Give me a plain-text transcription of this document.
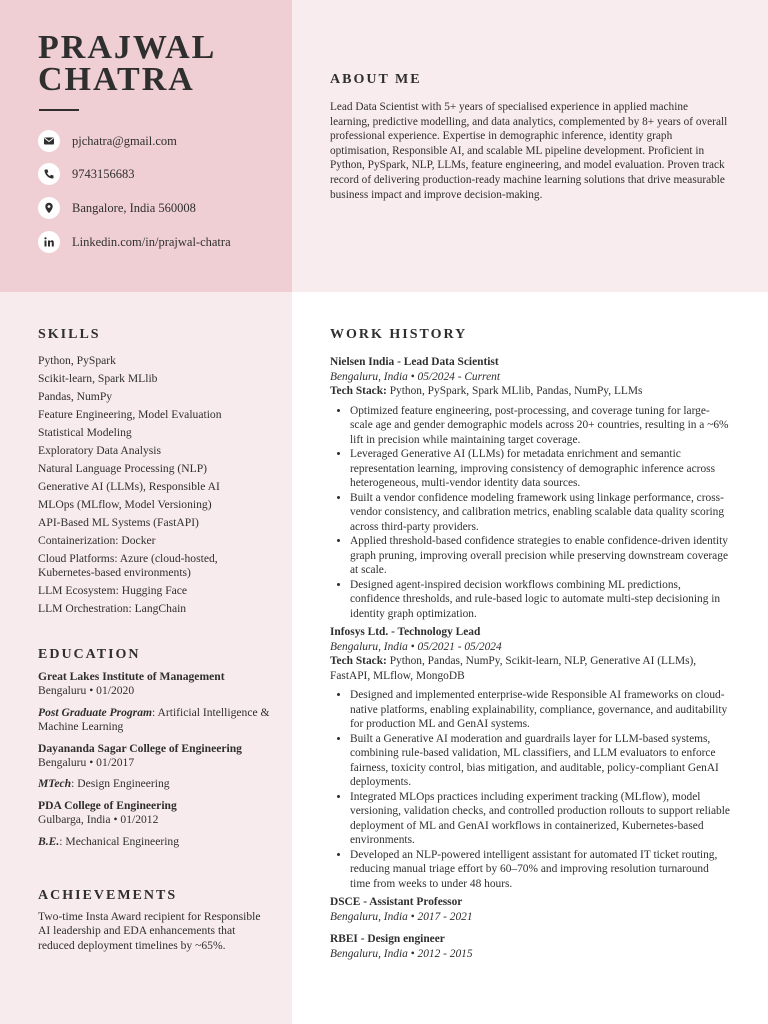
PRAJWAL
CHATRA
pjchatra@gmail.com
9743156683
Bangalore, India 560008
Linkedin.com/in/prajwal-chatra
ABOUT ME
Lead Data Scientist with 5+ years of specialised experience in applied machine learning, predictive modelling, and data analytics, complemented by 8+ years of overall professional experience. Expertise in demographic inference, identity graph optimisation, Responsible AI, and scalable ML pipeline development. Proficient in Python, PySpark, NLP, LLMs, feature engineering, and model evaluation. Proven track record of delivering production-ready machine learning solutions that drive measurable business impact and improve decision-making.
SKILLS
Python, PySpark
Scikit-learn, Spark MLlib
Pandas, NumPy
Feature Engineering, Model Evaluation
Statistical Modeling
Exploratory Data Analysis
Natural Language Processing (NLP)
Generative AI (LLMs), Responsible AI
MLOps (MLflow, Model Versioning)
API-Based ML Systems (FastAPI)
Containerization: Docker
Cloud Platforms: Azure (cloud-hosted, Kubernetes-based environments)
LLM Ecosystem: Hugging Face
LLM Orchestration: LangChain
EDUCATION
Great Lakes Institute of Management
Bengaluru • 01/2020
Post Graduate Program: Artificial Intelligence & Machine Learning
Dayananda Sagar College of Engineering
Bengaluru • 01/2017
MTech: Design Engineering
PDA College of Engineering
Gulbarga, India • 01/2012
B.E.: Mechanical Engineering
ACHIEVEMENTS
Two-time Insta Award recipient for Responsible AI leadership and EDA enhancements that reduced deployment timelines by ~65%.
WORK HISTORY
Nielsen India - Lead Data Scientist
Bengaluru, India • 05/2024 - Current
Tech Stack: Python, PySpark, Spark MLlib, Pandas, NumPy, LLMs
• Optimized feature engineering, post-processing, and coverage tuning for large-scale age and gender demographic models across 20+ countries, resulting in a ~6% lift in precision while maintaining target coverage.
• Leveraged Generative AI (LLMs) for metadata enrichment and semantic representation learning, improving consistency of demographic inference across heterogeneous, multi-vendor identity data sources.
• Built a vendor confidence modeling framework using linkage performance, cross-vendor consistency, and calibration metrics, enabling scalable data quality scoring across third-party providers.
• Applied threshold-based confidence strategies to enable confidence-driven identity graph pruning, improving overall precision while preserving downstream coverage at scale.
• Designed agent-inspired decision workflows combining ML predictions, confidence thresholds, and rule-based logic to automate multi-step decisioning in identity graph optimization.
Infosys Ltd. - Technology Lead
Bengaluru, India • 05/2021 - 05/2024
Tech Stack: Python, Pandas, NumPy, Scikit-learn, NLP, Generative AI (LLMs), FastAPI, MLflow, MongoDB
• Designed and implemented enterprise-wide Responsible AI frameworks on cloud-native platforms, enabling explainability, compliance, governance, and auditability for production ML and GenAI systems.
• Built a Generative AI moderation and guardrails layer for LLM-based systems, combining rule-based validation, ML classifiers, and LLM evaluators to enforce fairness, toxicity control, bias mitigation, and auditable, policy-compliant GenAI deployments.
• Integrated MLOps practices including experiment tracking (MLflow), model versioning, validation checks, and controlled production rollouts to support reliable deployment of ML and GenAI workflows in containerized, Kubernetes-based environments.
• Developed an NLP-powered intelligent assistant for automated IT ticket routing, reducing manual triage effort by 60–70% and improving resolution turnaround time from weeks to under 48 hours.
DSCE - Assistant Professor
Bengaluru, India • 2017 - 2021
RBEI - Design engineer
Bengaluru, India • 2012 - 2015
